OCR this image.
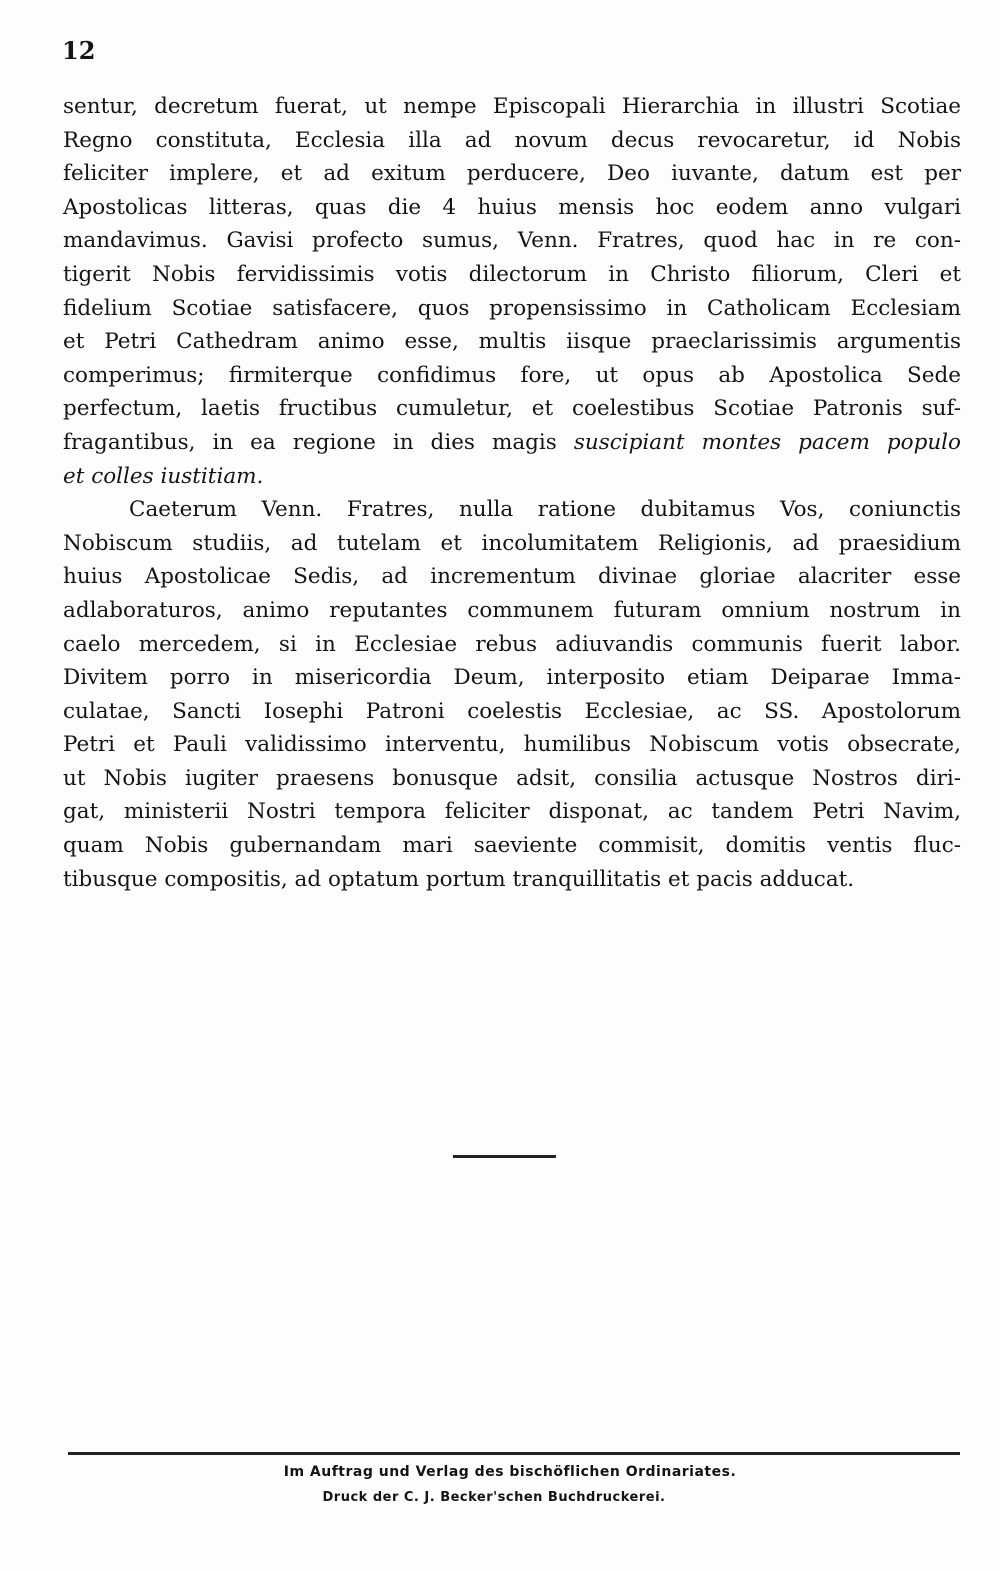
12
sentur, decretum fuerat, ut nempe Episcopali Hierarchia in illustri Scotiae
Regno constituta, Ecclesia illa ad novum decus revocaretur, id Nobis
feliciter implere, et ad exitum perducere, Deo iuvante, datum est per
Apostolicas litteras, quas die 4 huius mensis hoc eodem anno vulgari
mandavimus. Gavisi profecto sumus, Venn. Fratres, quod hac in re con-
tigerit Nobis fervidissimis votis dilectorum in Christo filiorum, Cleri et
fidelium Scotiae satisfacere, quos propensissimo in Catholicam Ecclesiam
et Petri Cathedram animo esse, multis iisque praeclarissimis argumentis
comperimus; firmiterque confidimus fore, ut opus ab Apostolica Sede
perfectum, laetis fructibus cumuletur, et coelestibus Scotiae Patronis suf-
fragantibus, in ea regione in dies magis suscipiant montes pacem populo
et colles iustitiam.
Caeterum Venn. Fratres, nulla ratione dubitamus Vos, coniunctis
Nobiscum studiis, ad tutelam et incolumitatem Religionis, ad praesidium
huius Apostolicae Sedis, ad incrementum divinae gloriae alacriter esse
adlaboraturos, animo reputantes communem futuram omnium nostrum in
caelo mercedem, si in Ecclesiae rebus adiuvandis communis fuerit labor.
Divitem porro in misericordia Deum, interposito etiam Deiparae Imma-
culatae, Sancti Iosephi Patroni coelestis Ecclesiae, ac SS. Apostolorum
Petri et Pauli validissimo interventu, humilibus Nobiscum votis obsecrate,
ut Nobis iugiter praesens bonusque adsit, consilia actusque Nostros diri-
gat, ministerii Nostri tempora feliciter disponat, ac tandem Petri Navim,
quam Nobis gubernandam mari saeviente commisit, domitis ventis fluc-
tibusque compositis, ad optatum portum tranquillitatis et pacis adducat.
Im Auftrag und Verlag des bischöflichen Ordinariates.
Druck der C. J. Becker'schen Buchdruckerei.
